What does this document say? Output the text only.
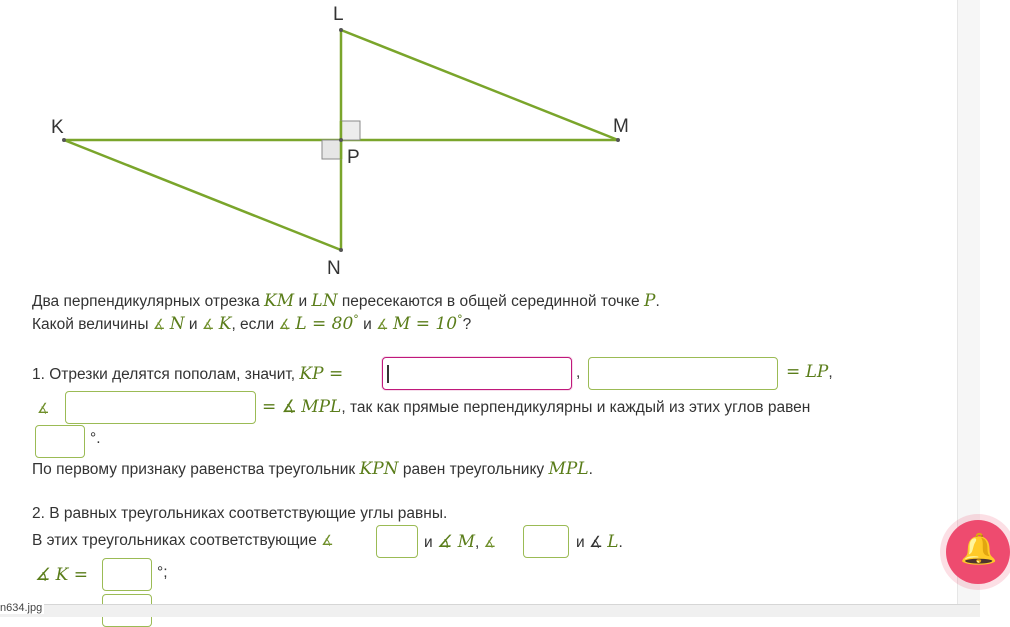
K
L
M
N
P
Два перпендикулярных отрезка KM и LN пересекаются в общей серединной точке P.
Какой величины ∡ N и ∡ K, если ∡ L = 80° и ∡ M = 10°?
1. Отрезки делятся пополам, значит, KP =	,	= LP,
∡	= ∡ MPL, так как прямые перпендикулярны и каждый из этих углов равен
°.
По первому признаку равенства треугольник KPN равен треугольнику MPL.
2. В равных треугольниках соответствующие углы равны.
В этих треугольниках соответствующие ∡	и ∡ M, ∡	и ∡ L.
∡ K =	°;
🔔
n634.jpg
